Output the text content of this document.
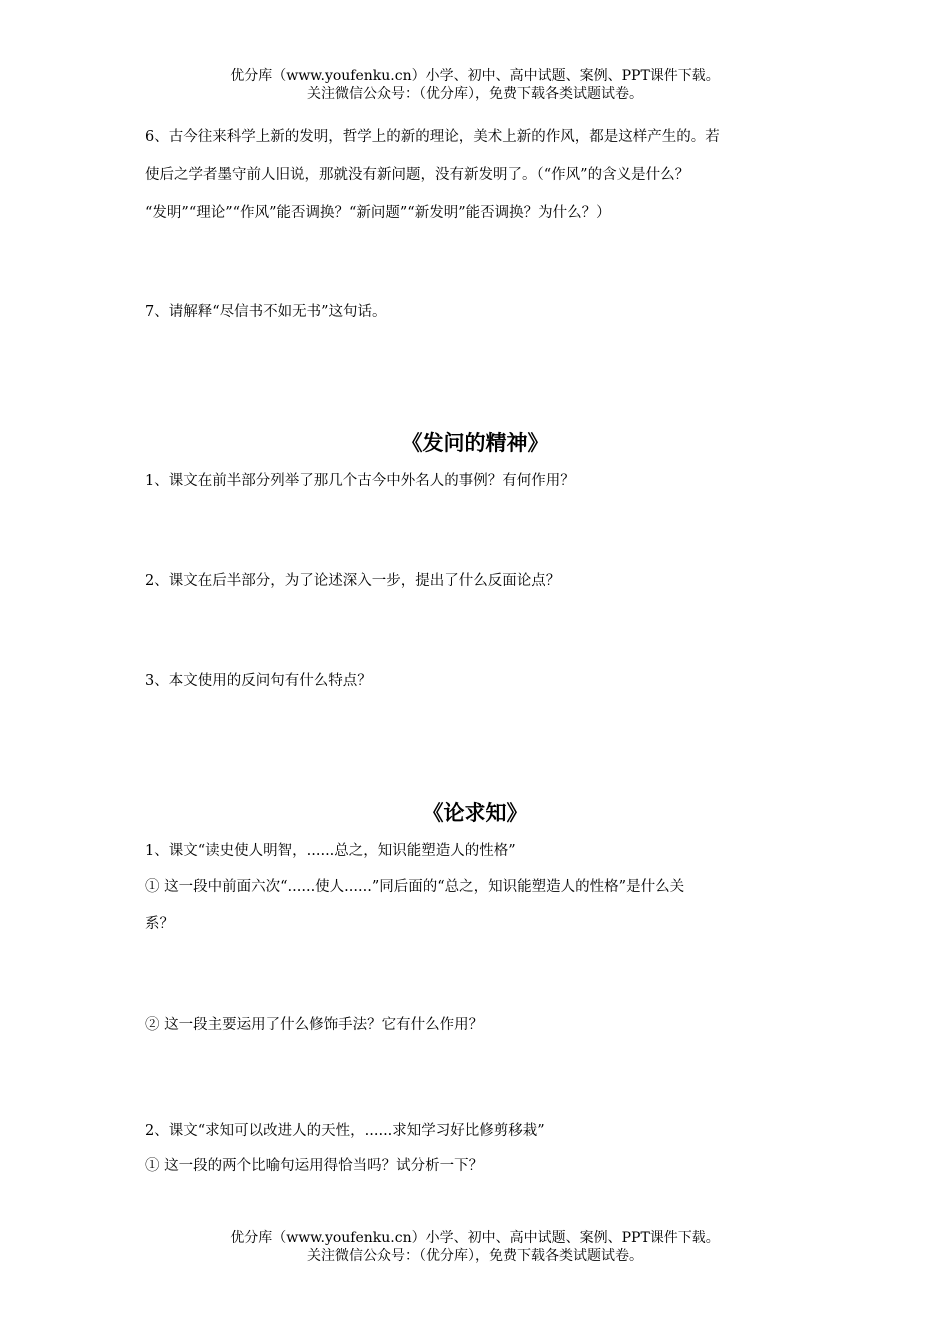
优分库（www.youfenku.cn）小学、初中、高中试题、案例、PPT课件下载。
关注微信公众号：（优分库），免费下载各类试题试卷。
6、古今往来科学上新的发明，哲学上的新的理论，美术上新的作风，都是这样产生的。若
使后之学者墨守前人旧说，那就没有新问题，没有新发明了。（“作风”的含义是什么？
“发明”“理论”“作风”能否调换？“新问题”“新发明”能否调换？为什么？）
7、请解释“尽信书不如无书”这句话。
《发问的精神》
1、课文在前半部分列举了那几个古今中外名人的事例？有何作用？
2、课文在后半部分，为了论述深入一步，提出了什么反面论点？
3、本文使用的反问句有什么特点？
《论求知》
1、课文“读史使人明智，......总之，知识能塑造人的性格”
① 这一段中前面六次“......使人......”同后面的“总之，知识能塑造人的性格”是什么关
系？
② 这一段主要运用了什么修饰手法？它有什么作用？
2、课文“求知可以改进人的天性，......求知学习好比修剪移栽”
① 这一段的两个比喻句运用得恰当吗？试分析一下？
优分库（www.youfenku.cn）小学、初中、高中试题、案例、PPT课件下载。
关注微信公众号：（优分库），免费下载各类试题试卷。
